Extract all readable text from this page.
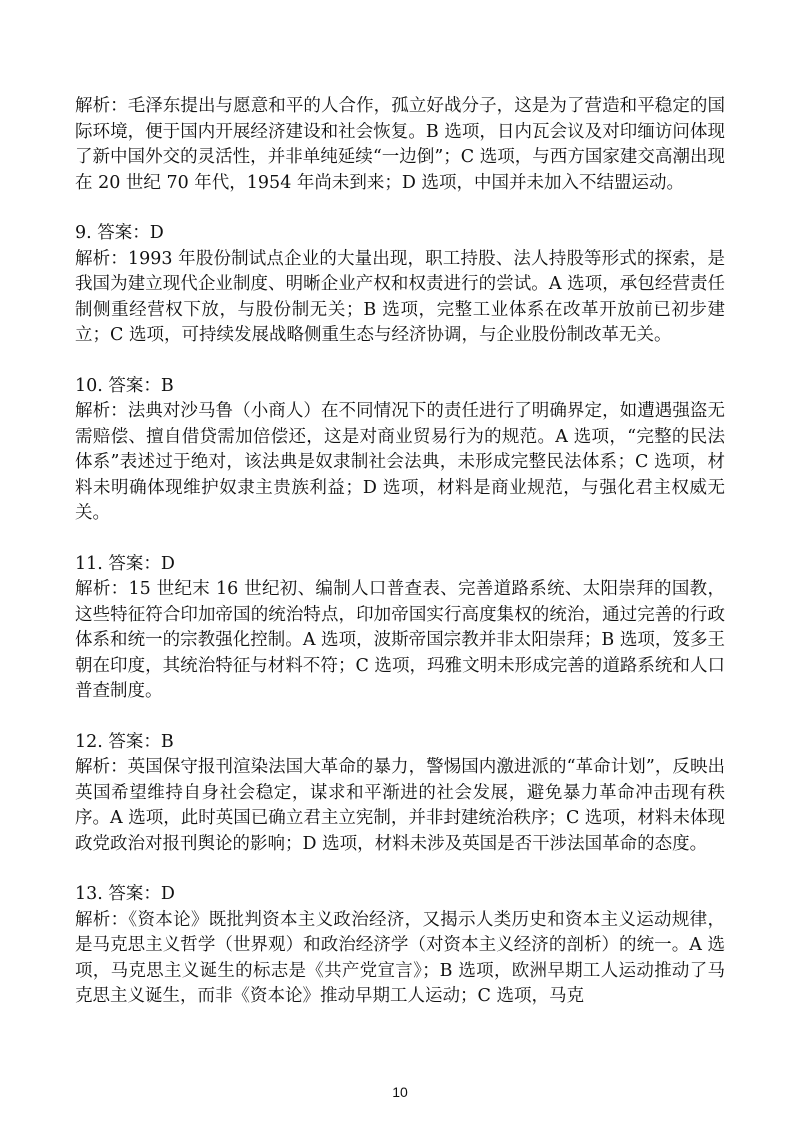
解析：毛泽东提出与愿意和平的人合作，孤立好战分子，这是为了营造和平稳定的国际环境，便于国内开展经济建设和社会恢复。B 选项，日内瓦会议及对印缅访问体现了新中国外交的灵活性，并非单纯延续“一边倒”；C 选项，与西方国家建交高潮出现在 20 世纪 70 年代，1954 年尚未到来；D 选项，中国并未加入不结盟运动。
9. 答案：D
解析：1993 年股份制试点企业的大量出现，职工持股、法人持股等形式的探索，是我国为建立现代企业制度、明晰企业产权和权责进行的尝试。A 选项，承包经营责任制侧重经营权下放，与股份制无关；B 选项，完整工业体系在改革开放前已初步建立；C 选项，可持续发展战略侧重生态与经济协调，与企业股份制改革无关。
10. 答案：B
解析：法典对沙马鲁（小商人）在不同情况下的责任进行了明确界定，如遭遇强盗无需赔偿、擅自借贷需加倍偿还，这是对商业贸易行为的规范。A 选项，“完整的民法体系”表述过于绝对，该法典是奴隶制社会法典，未形成完整民法体系；C 选项，材料未明确体现维护奴隶主贵族利益；D 选项，材料是商业规范，与强化君主权威无关。
11. 答案：D
解析：15 世纪末 16 世纪初、编制人口普查表、完善道路系统、太阳崇拜的国教，这些特征符合印加帝国的统治特点，印加帝国实行高度集权的统治，通过完善的行政体系和统一的宗教强化控制。A 选项，波斯帝国宗教并非太阳崇拜；B 选项，笈多王朝在印度，其统治特征与材料不符；C 选项，玛雅文明未形成完善的道路系统和人口普查制度。
12. 答案：B
解析：英国保守报刊渲染法国大革命的暴力，警惕国内激进派的“革命计划”，反映出英国希望维持自身社会稳定，谋求和平渐进的社会发展，避免暴力革命冲击现有秩序。A 选项，此时英国已确立君主立宪制，并非封建统治秩序；C 选项，材料未体现政党政治对报刊舆论的影响；D 选项，材料未涉及英国是否干涉法国革命的态度。
13. 答案：D
解析：《资本论》既批判资本主义政治经济，又揭示人类历史和资本主义运动规律，是马克思主义哲学（世界观）和政治经济学（对资本主义经济的剖析）的统一。A 选项，马克思主义诞生的标志是《共产党宣言》；B 选项，欧洲早期工人运动推动了马克思主义诞生，而非《资本论》推动早期工人运动；C 选项，马克
10
